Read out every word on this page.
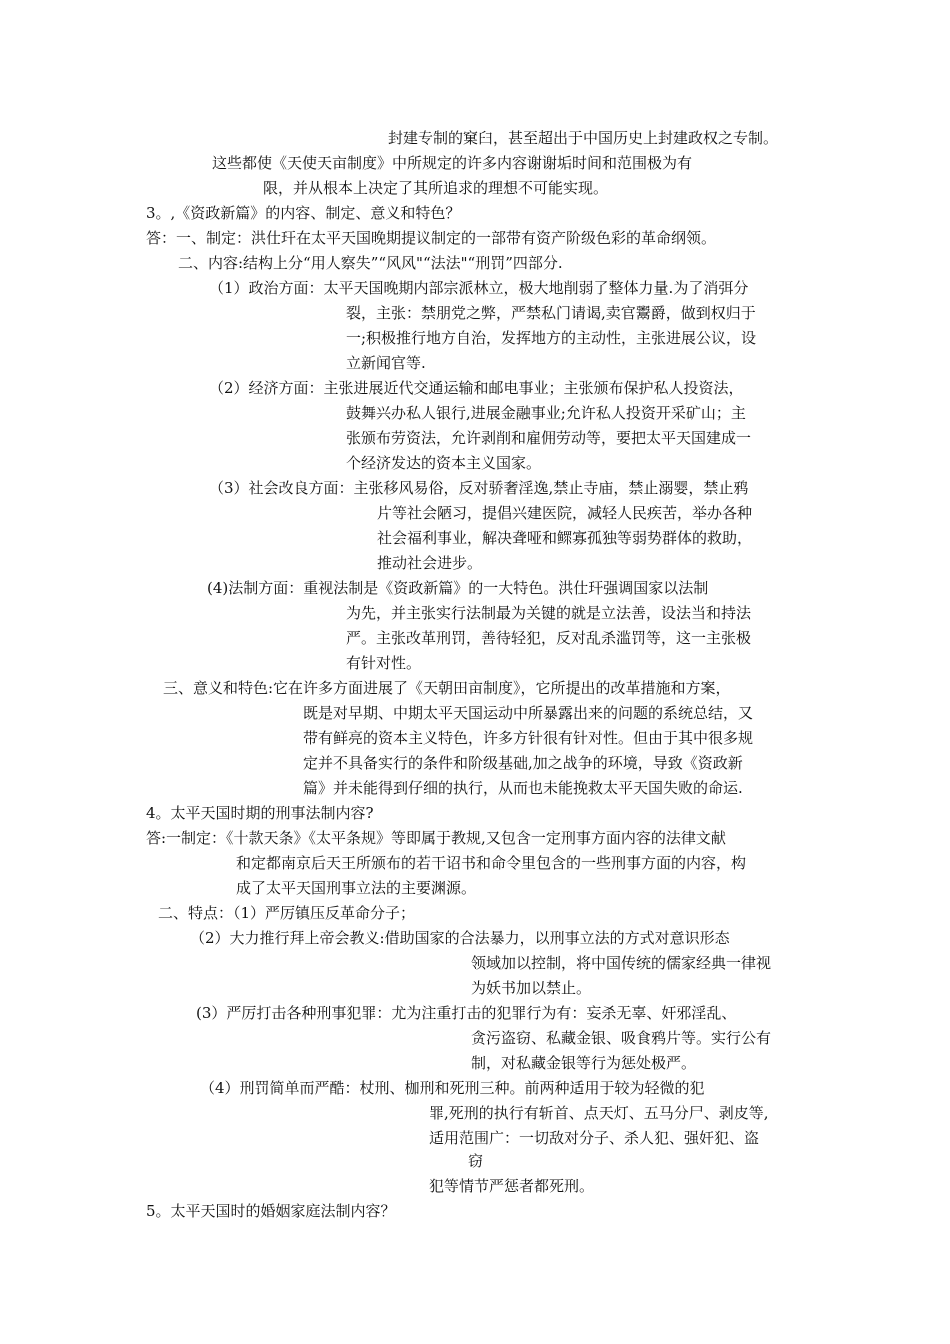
封建专制的窠臼，甚至超出于中国历史上封建政权之专制。
这些都使《天使天亩制度》中所规定的许多内容谢谢垢时间和范围极为有
限，并从根本上决定了其所追求的理想不可能实现。
3。,《资政新篇》的内容、制定、意义和特色？
答：一、制定：洪仕玕在太平天国晚期提议制定的一部带有资产阶级色彩的革命纲领。
二、内容:结构上分“用人察失”“风风"“法法"“刑罚”四部分.
（1）政治方面：太平天国晚期内部宗派林立，极大地削弱了整体力量.为了消弭分
裂，主张：禁朋党之弊，严禁私门请谒,卖官鬻爵，做到权归于
一;积极推行地方自治，发挥地方的主动性，主张进展公议，设
立新闻官等.
（2）经济方面：主张进展近代交通运输和邮电事业；主张颁布保护私人投资法，
鼓舞兴办私人银行,进展金融事业;允许私人投资开采矿山；主
张颁布劳资法，允许剥削和雇佣劳动等，要把太平天国建成一
个经济发达的资本主义国家。
（3）社会改良方面：主张移风易俗，反对骄奢淫逸,禁止寺庙，禁止溺婴，禁止鸦
片等社会陋习，提倡兴建医院，减轻人民疾苦，举办各种
社会福利事业，解决聋哑和鳏寡孤独等弱势群体的救助，
推动社会进步。
(4)法制方面：重视法制是《资政新篇》的一大特色。洪仕玕强调国家以法制
为先，并主张实行法制最为关键的就是立法善，设法当和持法
严。主张改革刑罚，善待轻犯，反对乱杀滥罚等，这一主张极
有针对性。
三、意义和特色:它在许多方面进展了《天朝田亩制度》，它所提出的改革措施和方案，
既是对早期、中期太平天国运动中所暴露出来的问题的系统总结，又
带有鲜亮的资本主义特色，许多方针很有针对性。但由于其中很多规
定并不具备实行的条件和阶级基础,加之战争的环境，导致《资政新
篇》并未能得到仔细的执行，从而也未能挽救太平天国失败的命运.
4。太平天国时期的刑事法制内容?
答:一制定：《十款天条》《太平条规》等即属于教规,又包含一定刑事方面内容的法律文献
和定都南京后天王所颁布的若干诏书和命令里包含的一些刑事方面的内容，构
成了太平天国刑事立法的主要渊源。
二、特点：（1）严厉镇压反革命分子；
（2）大力推行拜上帝会教义:借助国家的合法暴力，以刑事立法的方式对意识形态
领域加以控制，将中国传统的儒家经典一律视
为妖书加以禁止。
(3）严厉打击各种刑事犯罪：尤为注重打击的犯罪行为有：妄杀无辜、奸邪淫乱、
贪污盗窃、私藏金银、吸食鸦片等。实行公有
制，对私藏金银等行为惩处极严。
（4）刑罚简单而严酷：杖刑、枷刑和死刑三种。前两种适用于较为轻微的犯
罪,死刑的执行有斩首、点天灯、五马分尸、剥皮等,
适用范围广：一切敌对分子、杀人犯、强奸犯、盗
窃
犯等情节严惩者都死刑。
5。太平天国时的婚姻家庭法制内容？
